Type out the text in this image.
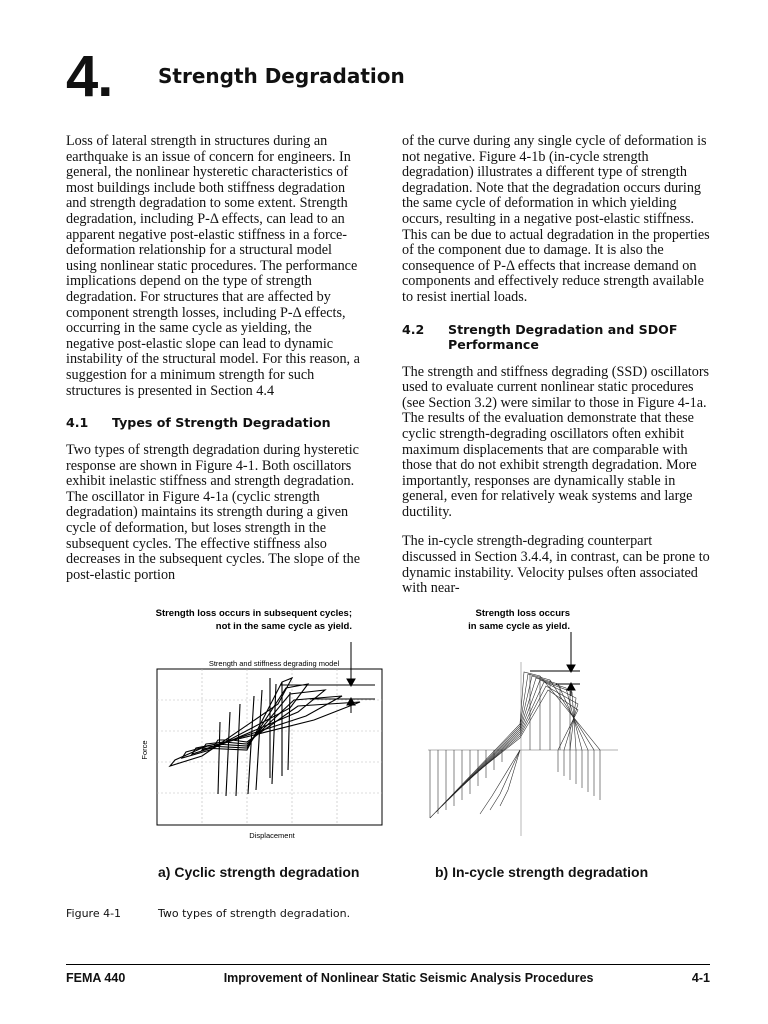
4. Strength Degradation

Loss of lateral strength in structures during an earthquake is an issue of concern for engineers. In general, the nonlinear hysteretic characteristics of most buildings include both stiffness degradation and strength degradation to some extent. Strength degradation, including P-Δ effects, can lead to an apparent negative post-elastic stiffness in a force-deformation relationship for a structural model using nonlinear static procedures. The performance implications depend on the type of strength degradation. For structures that are affected by component strength losses, including P-Δ effects, occurring in the same cycle as yielding, the negative post-elastic slope can lead to dynamic instability of the structural model. For this reason, a suggestion for a minimum strength for such structures is presented in Section 4.4

4.1	Types of Strength Degradation

Two types of strength degradation during hysteretic response are shown in Figure 4-1. Both oscillators exhibit inelastic stiffness and strength degradation. The oscillator in Figure 4-1a (cyclic strength degradation) maintains its strength during a given cycle of deformation, but loses strength in the subsequent cycles. The effective stiffness also decreases in the subsequent cycles. The slope of the post-elastic portion

of the curve during any single cycle of deformation is not negative. Figure 4-1b (in-cycle strength degradation) illustrates a different type of strength degradation. Note that the degradation occurs during the same cycle of deformation in which yielding occurs, resulting in a negative post-elastic stiffness. This can be due to actual degradation in the properties of the component due to damage. It is also the consequence of P-Δ effects that increase demand on components and effectively reduce strength available to resist inertial loads.

4.2	Strength Degradation and SDOF Performance

The strength and stiffness degrading (SSD) oscillators used to evaluate current nonlinear static procedures (see Section 3.2) were similar to those in Figure 4-1a. The results of the evaluation demonstrate that these cyclic strength-degrading oscillators often exhibit maximum displacements that are comparable with those that do not exhibit strength degradation. More importantly, responses are dynamically stable in general, even for relatively weak systems and large ductility.

The in-cycle strength-degrading counterpart discussed in Section 3.4.4, in contrast, can be prone to dynamic instability. Velocity pulses often associated with near-

Strength loss occurs in subsequent cycles;
not in the same cycle as yield.
Strength and stiffness degrading model
Force
Displacement
Strength loss occurs
in same cycle as yield.
a) Cyclic strength degradation	b) In-cycle strength degradation
Figure 4-1	Two types of strength degradation.
FEMA 440	Improvement of Nonlinear Static Seismic Analysis Procedures	4-1
